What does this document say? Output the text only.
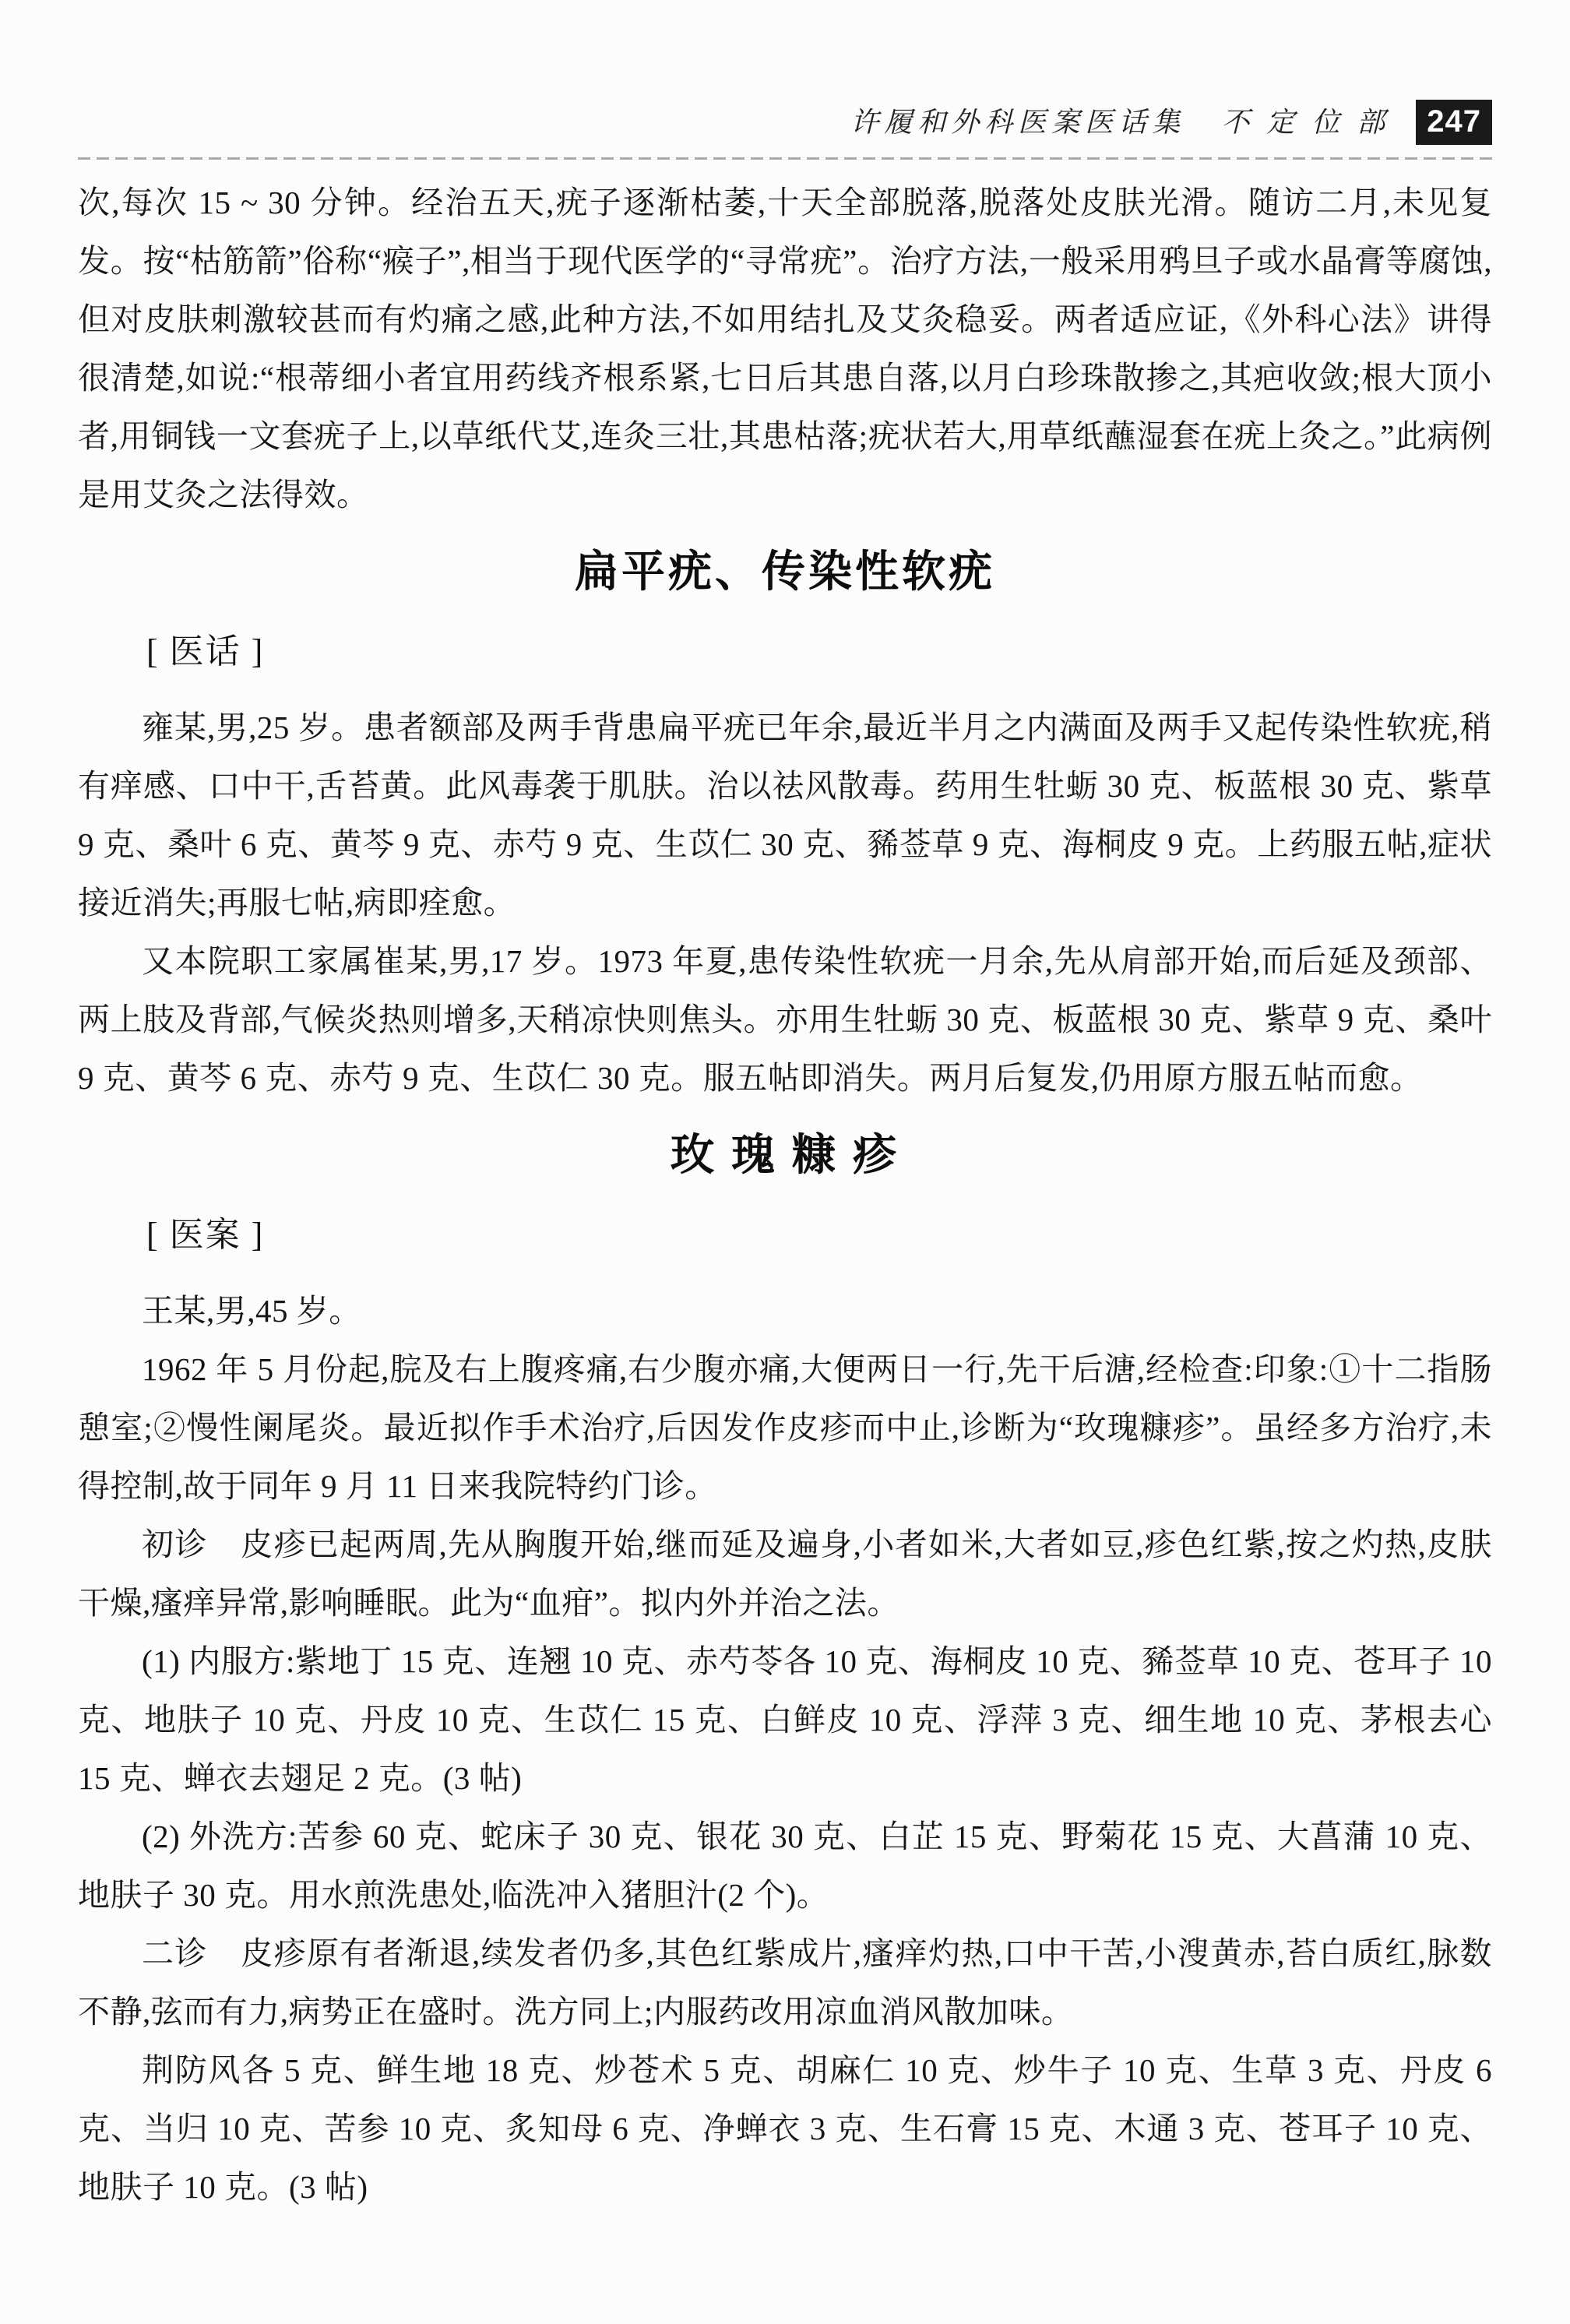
许履和外科医案医话集 不定位部 247

次,每次 15 ~ 30 分钟。经治五天,疣子逐渐枯萎,十天全部脱落,脱落处皮肤光滑。随访二月,未见复发。按“枯筋箭”俗称“瘊子”,相当于现代医学的“寻常疣”。治疗方法,一般采用鸦旦子或水晶膏等腐蚀,但对皮肤刺激较甚而有灼痛之感,此种方法,不如用结扎及艾灸稳妥。两者适应证,《外科心法》讲得很清楚,如说:“根蒂细小者宜用药线齐根系紧,七日后其患自落,以月白珍珠散掺之,其疤收敛;根大顶小者,用铜钱一文套疣子上,以草纸代艾,连灸三壮,其患枯落;疣状若大,用草纸蘸湿套在疣上灸之。”此病例是用艾灸之法得效。

扁平疣、传染性软疣
[ 医话 ]

雍某,男,25 岁。患者额部及两手背患扁平疣已年余,最近半月之内满面及两手又起传染性软疣,稍有痒感、口中干,舌苔黄。此风毒袭于肌肤。治以祛风散毒。药用生牡蛎 30 克、板蓝根 30 克、紫草 9 克、桑叶 6 克、黄芩 9 克、赤芍 9 克、生苡仁 30 克、豨莶草 9 克、海桐皮 9 克。上药服五帖,症状接近消失;再服七帖,病即痊愈。

又本院职工家属崔某,男,17 岁。1973 年夏,患传染性软疣一月余,先从肩部开始,而后延及颈部、两上肢及背部,气候炎热则增多,天稍凉快则焦头。亦用生牡蛎 30 克、板蓝根 30 克、紫草 9 克、桑叶 9 克、黄芩 6 克、赤芍 9 克、生苡仁 30 克。服五帖即消失。两月后复发,仍用原方服五帖而愈。

玫 瑰 糠 疹
[ 医案 ]

王某,男,45 岁。

1962 年 5 月份起,脘及右上腹疼痛,右少腹亦痛,大便两日一行,先干后溏,经检查:印象:①十二指肠憩室;②慢性阑尾炎。最近拟作手术治疗,后因发作皮疹而中止,诊断为“玫瑰糠疹”。虽经多方治疗,未得控制,故于同年 9 月 11 日来我院特约门诊。

初诊　皮疹已起两周,先从胸腹开始,继而延及遍身,小者如米,大者如豆,疹色红紫,按之灼热,皮肤干燥,瘙痒异常,影响睡眠。此为“血疳”。拟内外并治之法。

(1) 内服方:紫地丁 15 克、连翘 10 克、赤芍苓各 10 克、海桐皮 10 克、豨莶草 10 克、苍耳子 10 克、地肤子 10 克、丹皮 10 克、生苡仁 15 克、白鲜皮 10 克、浮萍 3 克、细生地 10 克、茅根去心 15 克、蝉衣去翅足 2 克。(3 帖)

(2) 外洗方:苦参 60 克、蛇床子 30 克、银花 30 克、白芷 15 克、野菊花 15 克、大菖蒲 10 克、地肤子 30 克。用水煎洗患处,临洗冲入猪胆汁(2 个)。

二诊　皮疹原有者渐退,续发者仍多,其色红紫成片,瘙痒灼热,口中干苦,小溲黄赤,苔白质红,脉数不静,弦而有力,病势正在盛时。洗方同上;内服药改用凉血消风散加味。

荆防风各 5 克、鲜生地 18 克、炒苍术 5 克、胡麻仁 10 克、炒牛子 10 克、生草 3 克、丹皮 6 克、当归 10 克、苦参 10 克、炙知母 6 克、净蝉衣 3 克、生石膏 15 克、木通 3 克、苍耳子 10 克、地肤子 10 克。(3 帖)
